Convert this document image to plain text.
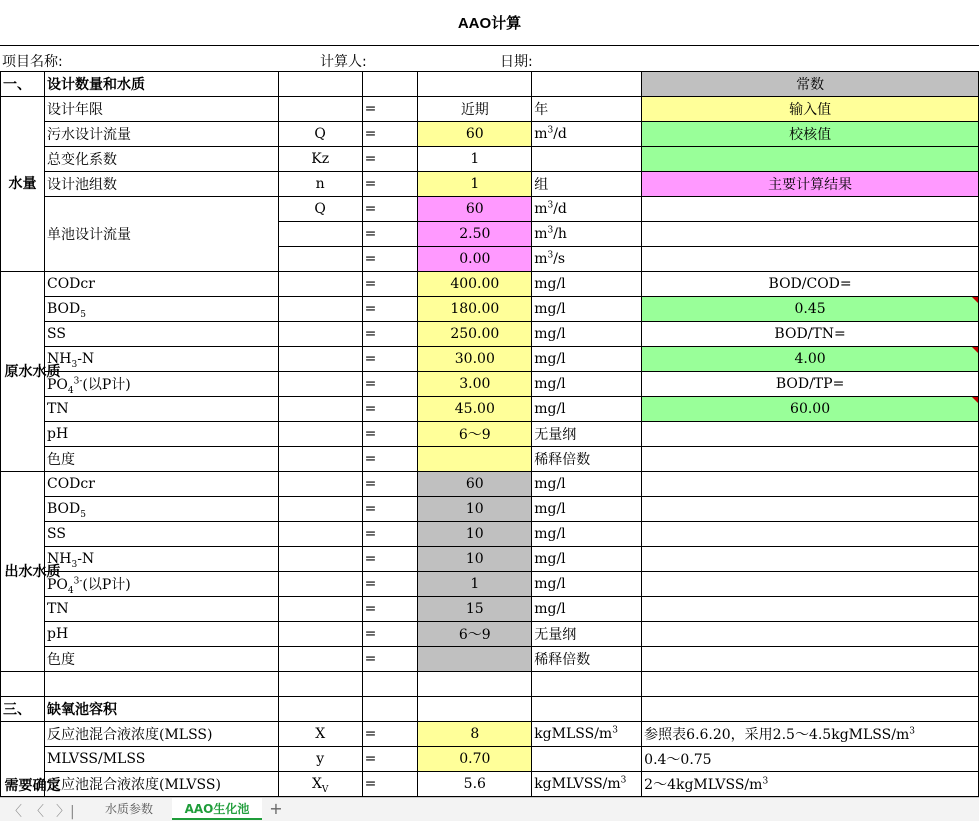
AAO计算
项目名称:	计算人:	日期:
一、	设计数量和水质					常数
水量	设计年限		=	近期	年	输入值
	污水设计流量	Q	=	60	$m^3/d$	校核值
	总变化系数	Kz	=	1		
	设计池组数	n	=	1	组	主要计算结果
	单池设计流量	Q	=	60	$m^3/d$	
			=	2.50	$m^3/h$	
			=	0.00	$m^3/s$	
原水水质	CODcr		=	400.00	mg/l	BOD/COD=
	$BOD_5$		=	180.00	mg/l	0.45
	SS		=	250.00	mg/l	BOD/TN=
	$NH_3-N$		=	30.00	mg/l	4.00
	$PO_4^{3-}$(以P计)		=	3.00	mg/l	BOD/TP=
	TN		=	45.00	mg/l	60.00
	pH		=	6～9	无量纲	
	色度		=		稀释倍数	
出水水质	CODcr		=	60	mg/l	
	$BOD_5$		=	10	mg/l	
	SS		=	10	mg/l	
	$NH_3-N$		=	10	mg/l	
	$PO_4^{3-}$(以P计)		=	1	mg/l	
	TN		=	15	mg/l	
	pH		=	6～9	无量纲	
	色度		=		稀释倍数	

三、	缺氧池容积					
需要确定	反应池混合液浓度(MLSS)	X	=	8	kgMLSS/$m^3$	参照表6.6.20，采用$2.5\sim 4.5kgMLSS/m^3$
	MLVSS/MLSS	y	=	0.70		0.4～0.75
	反应池混合液浓度(MLVSS)	$X_V$	=	5.6	kgMLVSS/$m^3$	$2\sim 4kgMLVSS/m^3$
〈 〉 〉|	水质参数	AAO生化池	+
